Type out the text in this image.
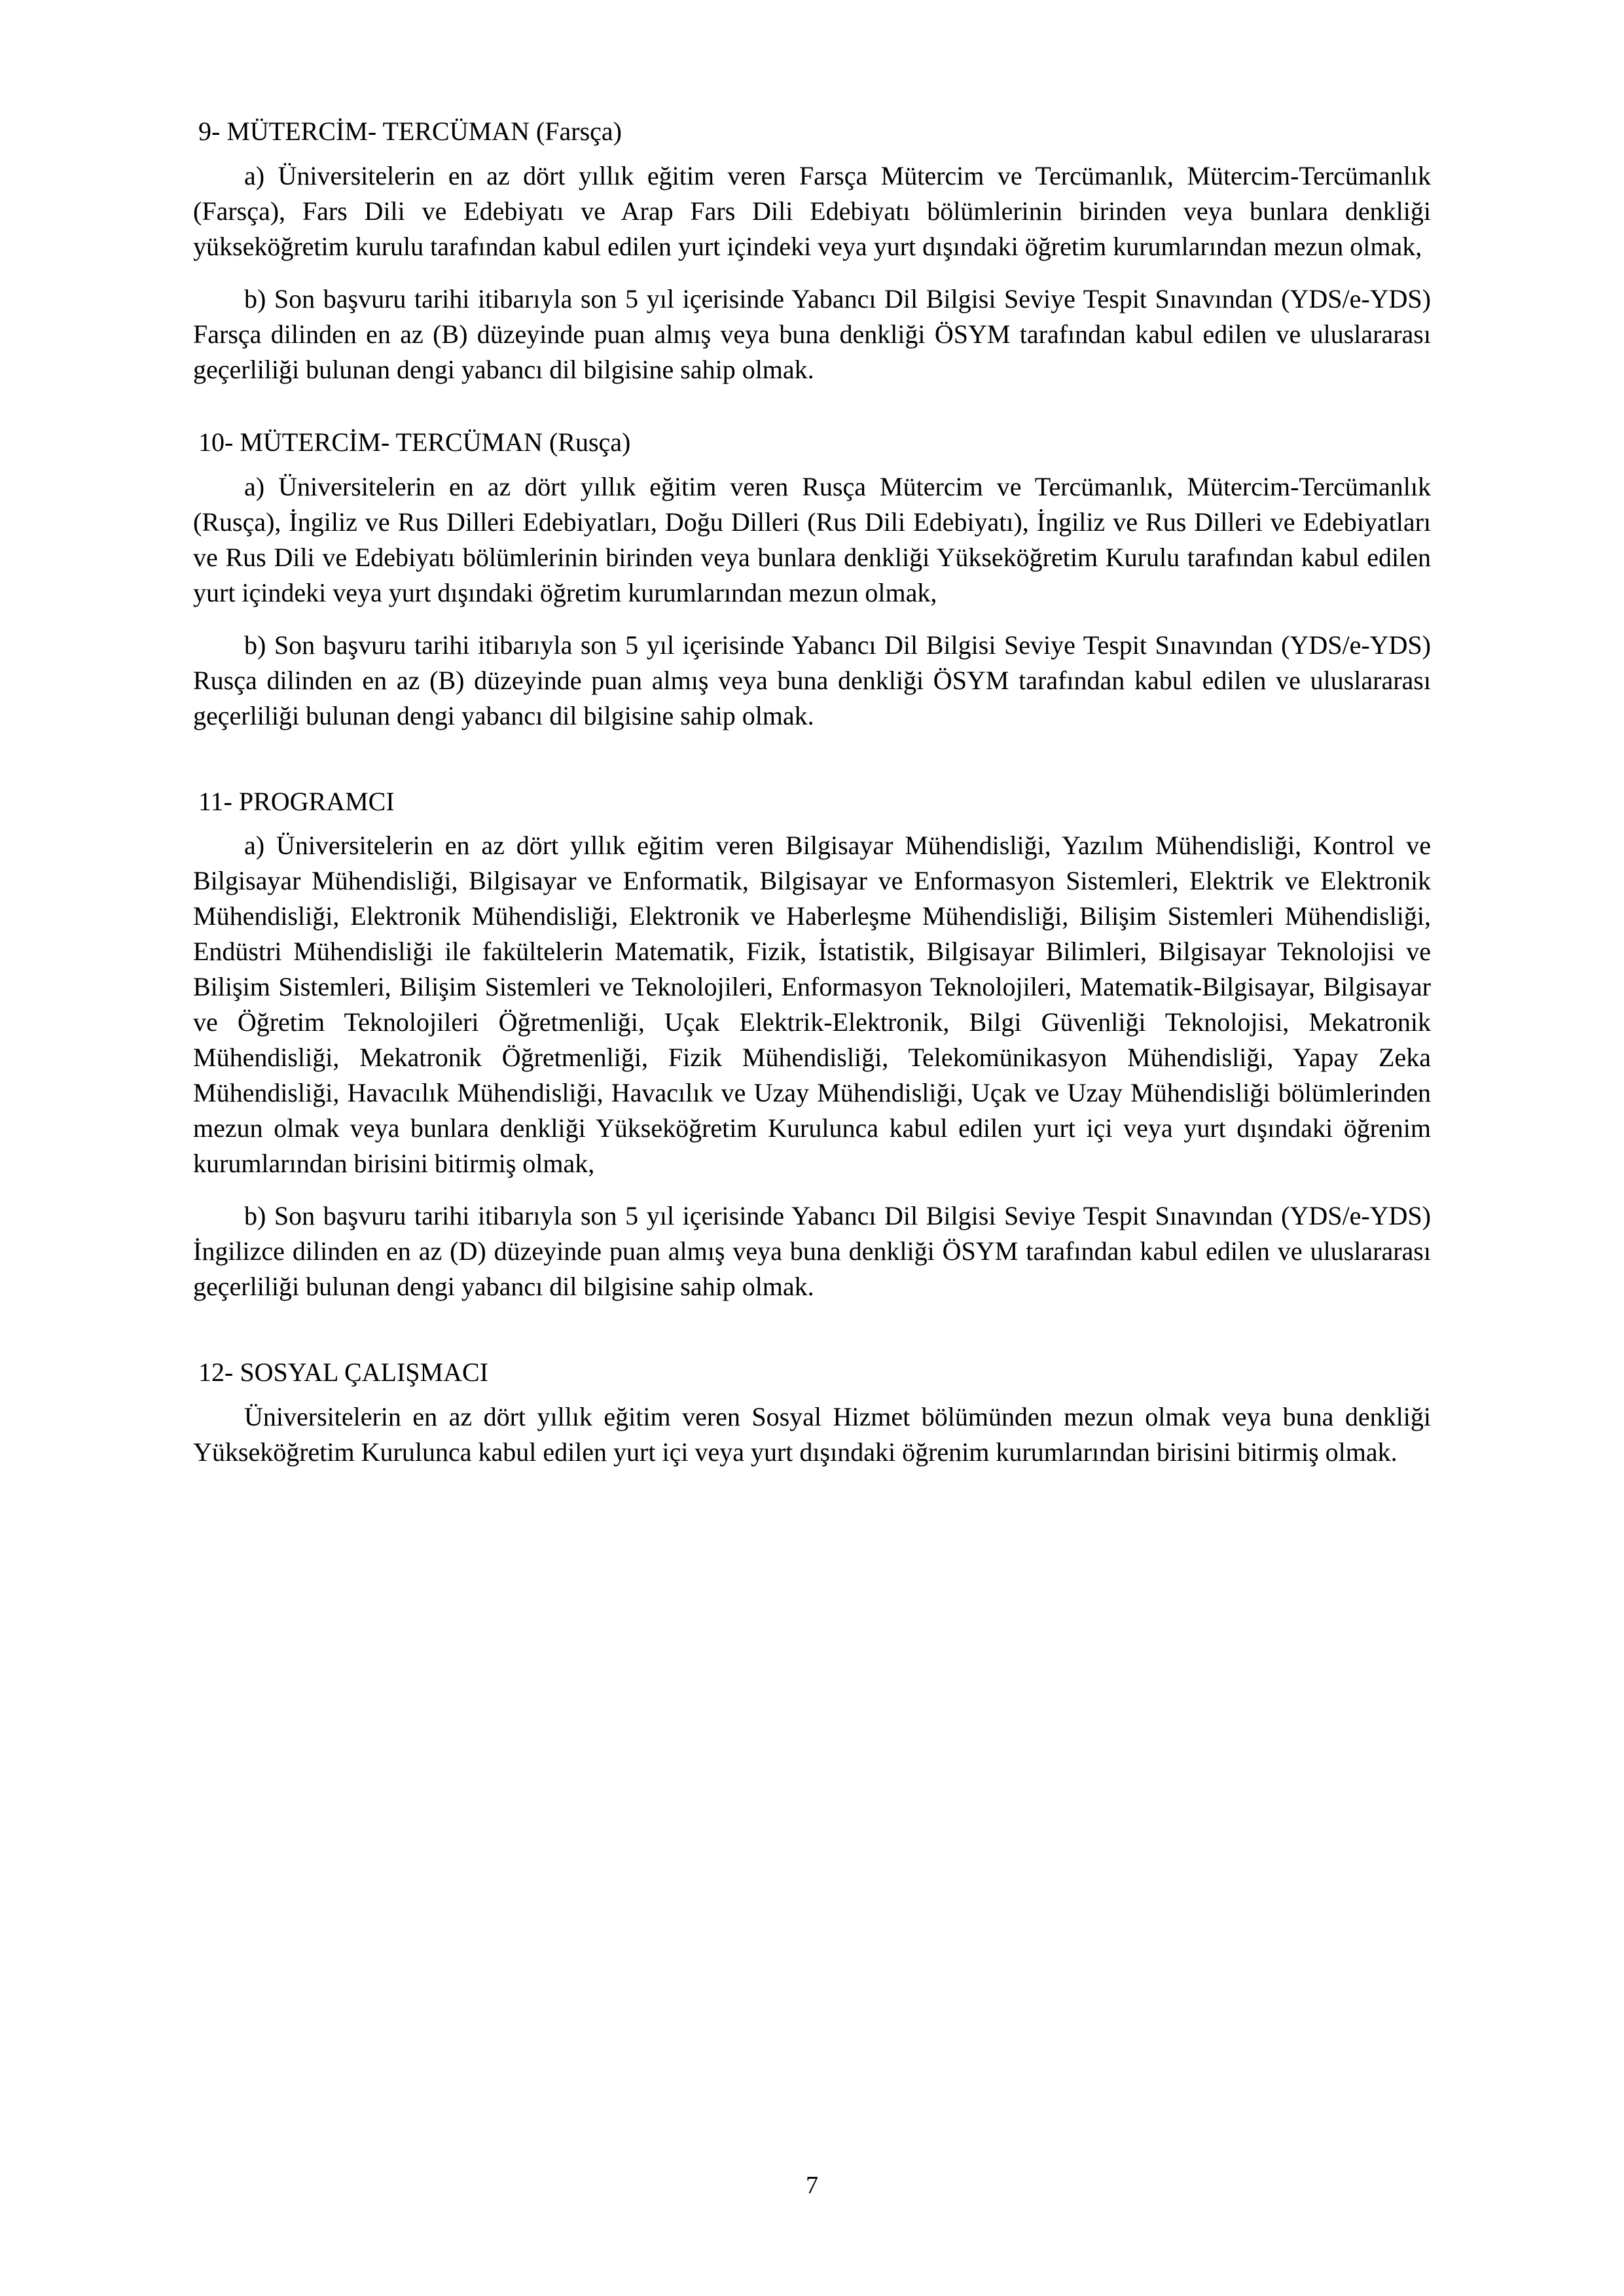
9- MÜTERCİM- TERCÜMAN (Farsça)

a) Üniversitelerin en az dört yıllık eğitim veren Farsça Mütercim ve Tercümanlık, Mütercim-Tercümanlık (Farsça), Fars Dili ve Edebiyatı ve Arap Fars Dili Edebiyatı bölümlerinin birinden veya bunlara denkliği yükseköğretim kurulu tarafından kabul edilen yurt içindeki veya yurt dışındaki öğretim kurumlarından mezun olmak,

b) Son başvuru tarihi itibarıyla son 5 yıl içerisinde Yabancı Dil Bilgisi Seviye Tespit Sınavından (YDS/e-YDS) Farsça dilinden en az (B) düzeyinde puan almış veya buna denkliği ÖSYM tarafından kabul edilen ve uluslararası geçerliliği bulunan dengi yabancı dil bilgisine sahip olmak.

10- MÜTERCİM- TERCÜMAN (Rusça)

a) Üniversitelerin en az dört yıllık eğitim veren Rusça Mütercim ve Tercümanlık, Mütercim-Tercümanlık (Rusça), İngiliz ve Rus Dilleri Edebiyatları, Doğu Dilleri (Rus Dili Edebiyatı), İngiliz ve Rus Dilleri ve Edebiyatları ve Rus Dili ve Edebiyatı bölümlerinin birinden veya bunlara denkliği Yükseköğretim Kurulu tarafından kabul edilen yurt içindeki veya yurt dışındaki öğretim kurumlarından mezun olmak,

b) Son başvuru tarihi itibarıyla son 5 yıl içerisinde Yabancı Dil Bilgisi Seviye Tespit Sınavından (YDS/e-YDS) Rusça dilinden en az (B) düzeyinde puan almış veya buna denkliği ÖSYM tarafından kabul edilen ve uluslararası geçerliliği bulunan dengi yabancı dil bilgisine sahip olmak.

11- PROGRAMCI

a) Üniversitelerin en az dört yıllık eğitim veren Bilgisayar Mühendisliği, Yazılım Mühendisliği, Kontrol ve Bilgisayar Mühendisliği, Bilgisayar ve Enformatik, Bilgisayar ve Enformasyon Sistemleri, Elektrik ve Elektronik Mühendisliği, Elektronik Mühendisliği, Elektronik ve Haberleşme Mühendisliği, Bilişim Sistemleri Mühendisliği, Endüstri Mühendisliği ile fakültelerin Matematik, Fizik, İstatistik, Bilgisayar Bilimleri, Bilgisayar Teknolojisi ve Bilişim Sistemleri, Bilişim Sistemleri ve Teknolojileri, Enformasyon Teknolojileri, Matematik-Bilgisayar, Bilgisayar ve Öğretim Teknolojileri Öğretmenliği, Uçak Elektrik-Elektronik, Bilgi Güvenliği Teknolojisi, Mekatronik Mühendisliği, Mekatronik Öğretmenliği, Fizik Mühendisliği, Telekomünikasyon Mühendisliği, Yapay Zeka Mühendisliği, Havacılık Mühendisliği, Havacılık ve Uzay Mühendisliği, Uçak ve Uzay Mühendisliği bölümlerinden mezun olmak veya bunlara denkliği Yükseköğretim Kurulunca kabul edilen yurt içi veya yurt dışındaki öğrenim kurumlarından birisini bitirmiş olmak,

b) Son başvuru tarihi itibarıyla son 5 yıl içerisinde Yabancı Dil Bilgisi Seviye Tespit Sınavından (YDS/e-YDS) İngilizce dilinden en az (D) düzeyinde puan almış veya buna denkliği ÖSYM tarafından kabul edilen ve uluslararası geçerliliği bulunan dengi yabancı dil bilgisine sahip olmak.

12- SOSYAL ÇALIŞMACI

Üniversitelerin en az dört yıllık eğitim veren Sosyal Hizmet bölümünden mezun olmak veya buna denkliği Yükseköğretim Kurulunca kabul edilen yurt içi veya yurt dışındaki öğrenim kurumlarından birisini bitirmiş olmak.

7
